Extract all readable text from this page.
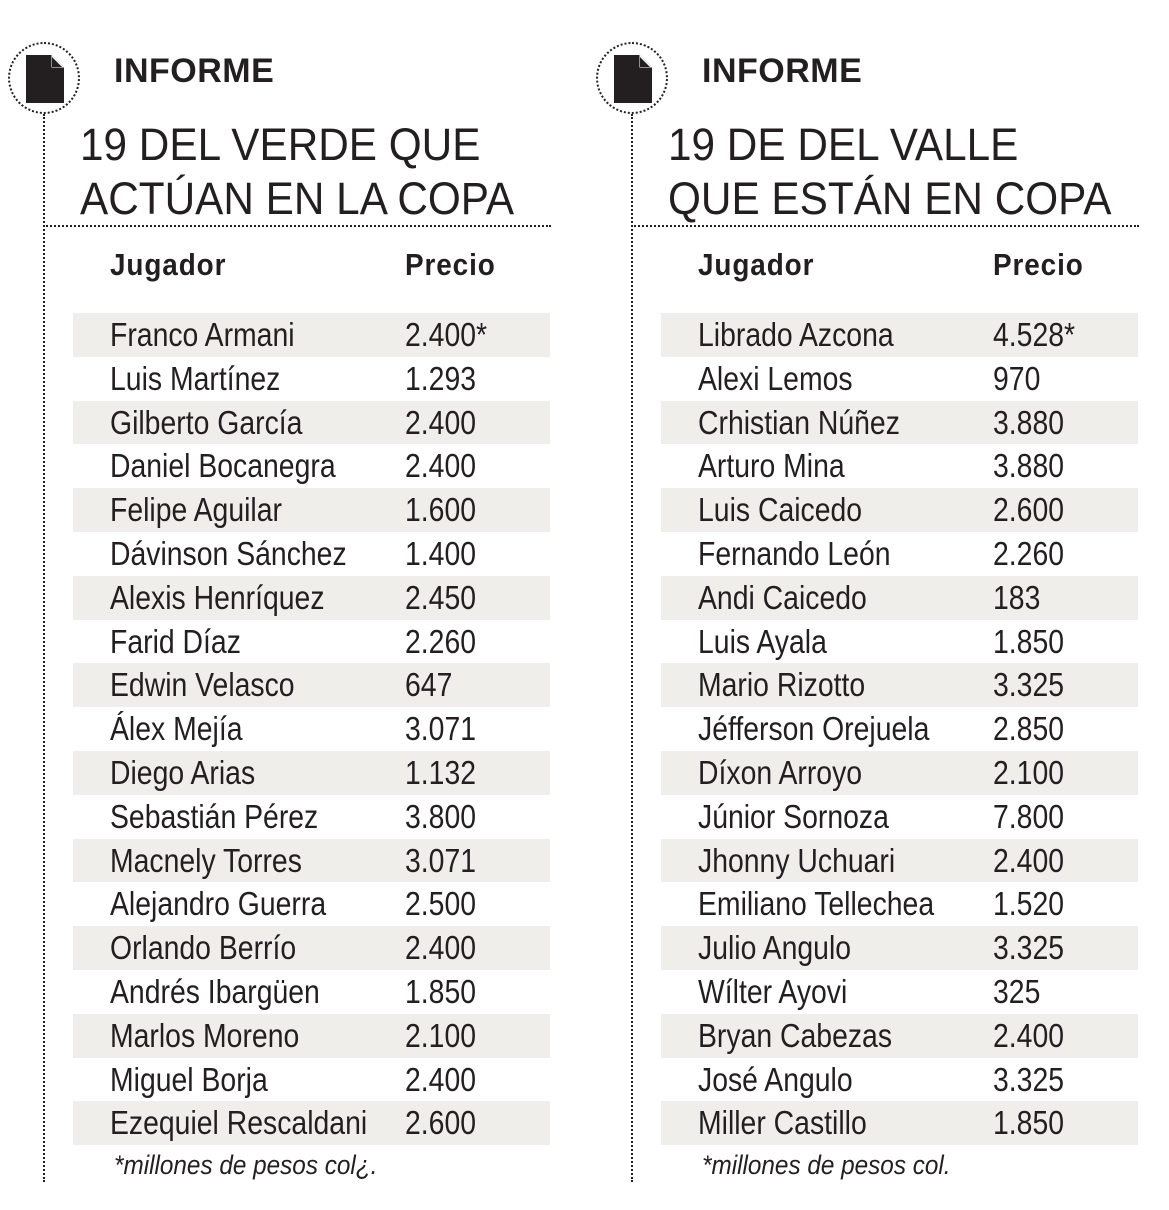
INFORME
19 DEL VERDE QUE
ACTÚAN EN LA COPA
Jugador	Precio
Franco Armani	2.400*
Luis Martínez	1.293
Gilberto García	2.400
Daniel Bocanegra 2.400
Felipe Aguilar	1.600
Dávinson Sánchez 1.400
Alexis Henríquez 2.450
Farid Díaz	2.260
Edwin Velasco	647
Álex Mejía	3.071
Diego Arias	1.132
Sebastián Pérez	3.800
Macnely Torres	3.071
Alejandro Guerra 2.500
Orlando Berrío	2.400
Andrés Ibargüen	1.850
Marlos Moreno	2.100
Miguel Borja	2.400
Ezequiel Rescaldani 2.600
*millones de pesos col¿.
INFORME
19 DE DEL VALLE
QUE ESTÁN EN COPA
Jugador	Precio
Librado Azcona	4.528*
Alexi Lemos	970
Crhistian Núñez	3.880
Arturo Mina	3.880
Luis Caicedo	2.600
Fernando León	2.260
Andi Caicedo	183
Luis Ayala	1.850
Mario Rizotto	3.325
Jéfferson Orejuela 2.850
Díxon Arroyo	2.100
Júnior Sornoza	7.800
Jhonny Uchuari	2.400
Emiliano Tellechea 1.520
Julio Angulo	3.325
Wílter Ayovi	325
Bryan Cabezas	2.400
José Angulo	3.325
Miller Castillo	1.850
*millones de pesos col.
